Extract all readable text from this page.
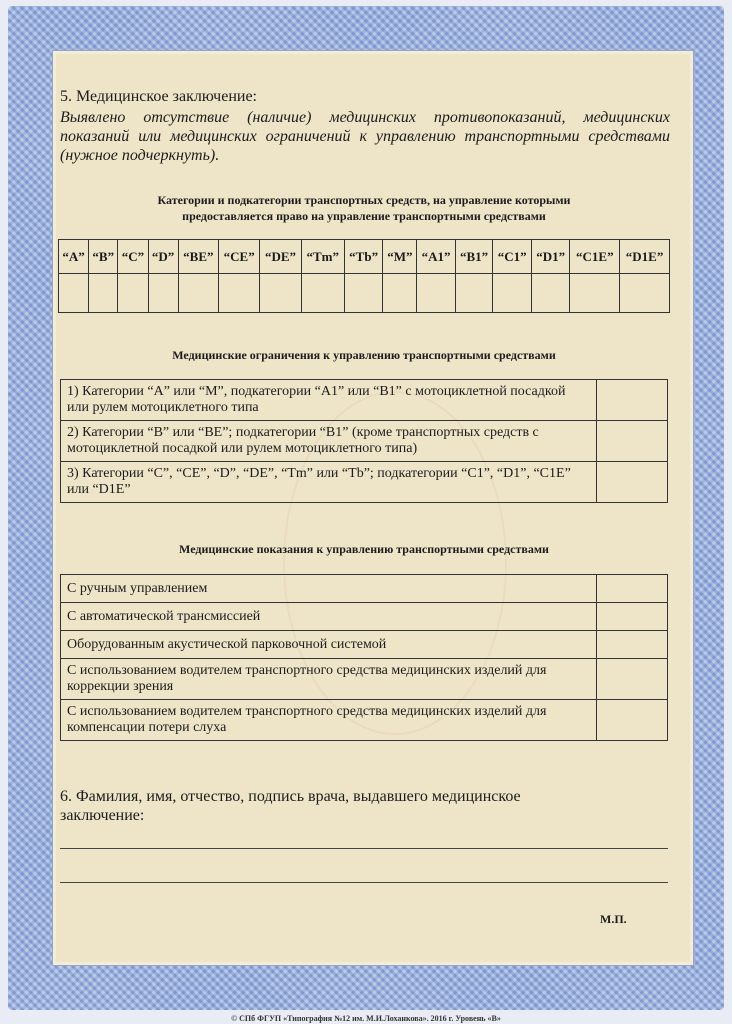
5. Медицинское заключение:
Выявлено отсутствие (наличие) медицинских противопоказаний, медицинских показаний или медицинских ограничений к управлению транспортными средствами (нужное подчеркнуть).
Категории и подкатегории транспортных средств, на управление которыми
предоставляется право на управление транспортными средствами
“A”	“B”	“C”	“D”	“BE”	“CE”	“DE”	“Tm”	“Tb”	“M”	“A1”	“B1”	“C1”	“D1”	“C1E”	“D1E”

Медицинские ограничения к управлению транспортными средствами
1) Категории “A” или “M”, подкатегории “A1” или “B1” с мотоциклетной посадкой или рулем мотоциклетного типа	
2) Категории “B” или “BE”; подкатегории “B1” (кроме транспортных средств с мотоциклетной посадкой или рулем мотоциклетного типа)	
3) Категории “C”, “CE”, “D”, “DE”, “Tm” или “Tb”; подкатегории “C1”, “D1”, “C1E” или “D1E”	
Медицинские показания к управлению транспортными средствами
С ручным управлением	
С автоматической трансмиссией	
Оборудованным акустической парковочной системой	
С использованием водителем транспортного средства медицинских изделий для коррекции зрения	
С использованием водителем транспортного средства медицинских изделий для компенсации потери слуха	
6. Фамилия, имя, отчество, подпись врача, выдавшего медицинское
заключение:
М.П.
© СПб ФГУП «Типография №12 им. М.И.Лоханкова». 2016 г. Уровень «В»
